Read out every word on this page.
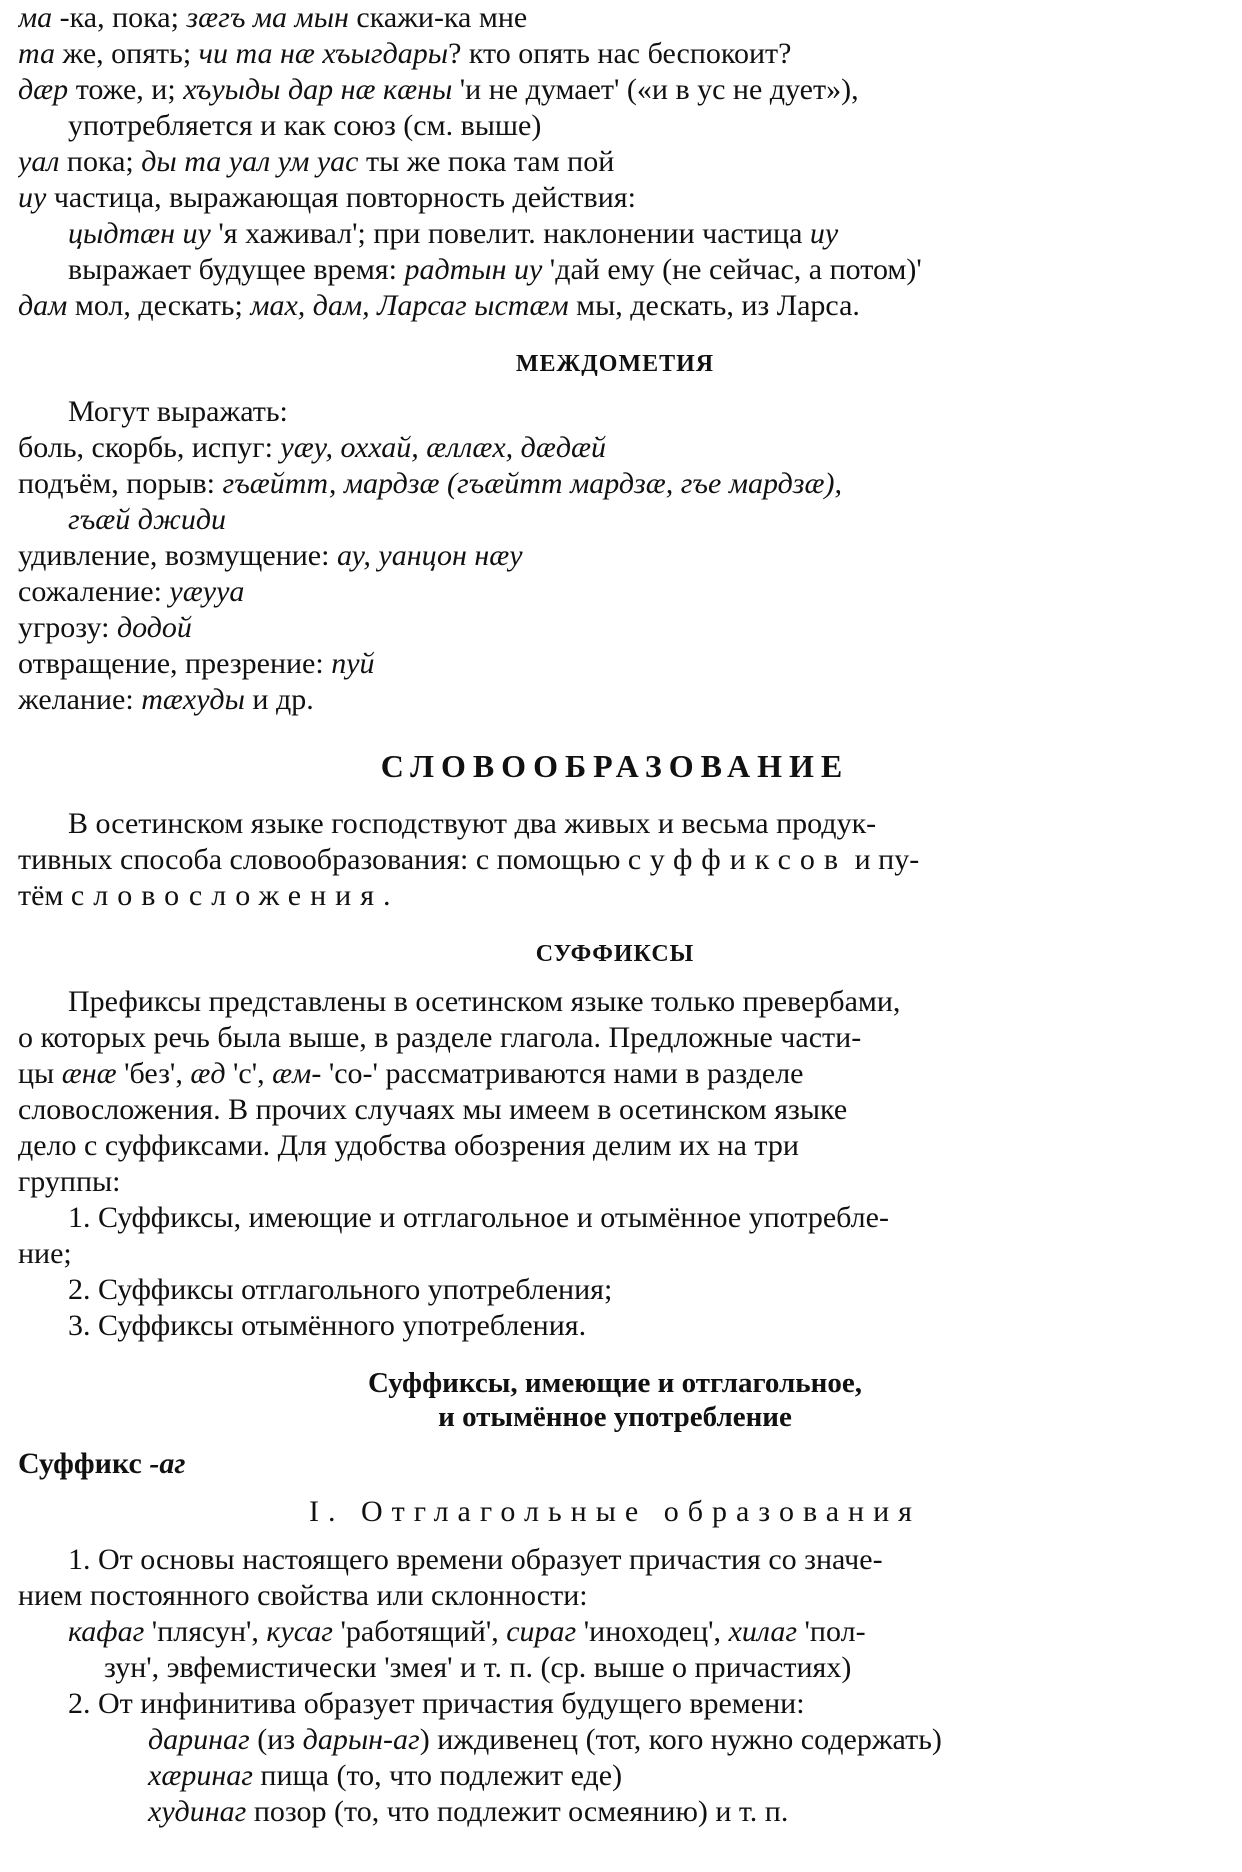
ма -ка, пока; зæгъ ма мын скажи-ка мне

та же, опять; чи та нæ хъыгдары? кто опять нас беспокоит?

дæр тоже, и; хъуыды дар нæ кæны 'и не думает' («и в ус не дует»),

употребляется и как союз (см. выше)

уал пока; ды та уал ум уас ты же пока там пой

иу частица, выражающая повторность действия:

цыдтæн иу 'я хаживал'; при повелит. наклонении частица иу

выражает будущее время: радтын иу 'дай ему (не сейчас, а потом)'

дам мол, дескать; мах, дам, Ларсаг ыстæм мы, дескать, из Ларса.

МЕЖДОМЕТИЯ

Могут выражать:

боль, скорбь, испуг: уæу, оххай, æллæх, дæдæй

подъём, порыв: гъæйтт, мардзæ (гъæйтт мардзæ, гъе мардзæ),

гъæй джиди

удивление, возмущение: ау, уанцон нæу

сожаление: уæууа

угрозу: додой

отвращение, презрение: пуй

желание: тæхуды и др.

СЛОВООБРАЗОВАНИЕ

В осетинском языке господствуют два живых и весьма продук-

тивных способа словообразования: с помощью суффиксов и пу-

тём словосложения.

СУФФИКСЫ

Префиксы представлены в осетинском языке только превербами,

о которых речь была выше, в разделе глагола. Предложные части-

цы æнæ 'без', æд 'с', æм- 'со-' рассматриваются нами в разделе

словосложения. В прочих случаях мы имеем в осетинском языке

дело с суффиксами. Для удобства обозрения делим их на три

группы:

1. Суффиксы, имеющие и отглагольное и отымённое употребле-

ние;

2. Суффиксы отглагольного употребления;

3. Суффиксы отымённого употребления.

Суффиксы, имеющие и отглагольное,

и отымённое употребление

Суффикс -аг

I. Отглагольные образования

1. От основы настоящего времени образует причастия со значе-

нием постоянного свойства или склонности:

кафаг 'плясун', кусаг 'работящий', сираг 'иноходец', хилаг 'пол-

зун', эвфемистически 'змея' и т. п. (ср. выше о причастиях)

2. От инфинитива образует причастия будущего времени:

даринаг (из дарын-аг) иждивенец (тот, кого нужно содержать)

хæринаг пища (то, что подлежит еде)

худинаг позор (то, что подлежит осмеянию) и т. п.
